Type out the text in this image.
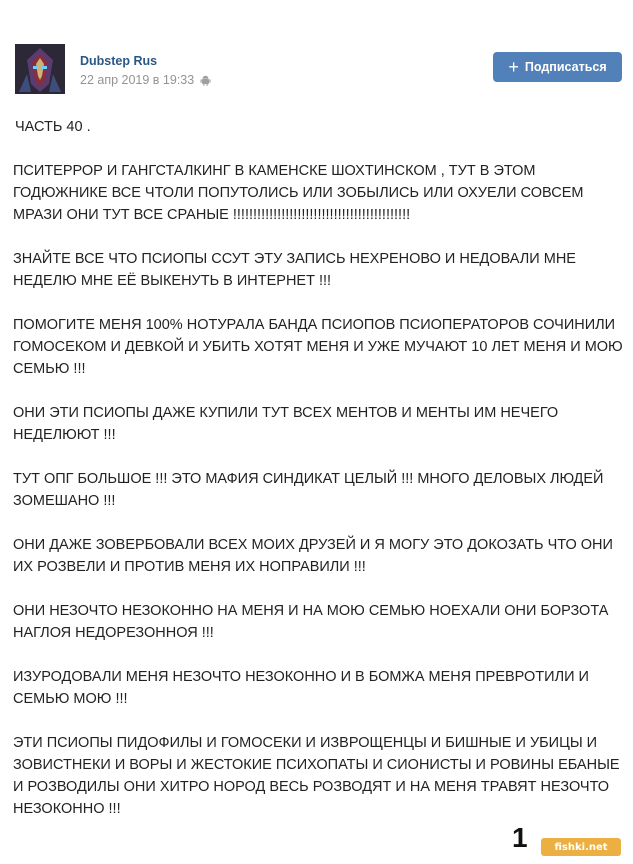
Dubstep Rus
22 апр 2019 в 19:33
+ Подписаться
ЧАСТЬ 40 .
ПСИТЕРРОР И ГАНГСТАЛКИНГ В КАМЕНСКЕ ШОХТИНСКОМ , ТУТ В ЭТОМ
ГОДЮЖНИКЕ ВСЕ ЧТОЛИ ПОПУТОЛИСЬ ИЛИ ЗОБЫЛИСЬ ИЛИ ОХУЕЛИ СОВСЕМ
МРАЗИ ОНИ ТУТ ВСЕ СРАНЫЕ !!!!!!!!!!!!!!!!!!!!!!!!!!!!!!!!!!!!!!!!!!!!
ЗНАЙТЕ ВСЕ ЧТО ПСИОПЫ ССУТ ЭТУ ЗАПИСЬ НЕХРЕНОВО И НЕДОВАЛИ МНЕ
НЕДЕЛЮ МНЕ ЕЁ ВЫКЕНУТЬ В ИНТЕРНЕТ !!!
ПОМОГИТЕ МЕНЯ 100% НОТУРАЛА БАНДА ПСИОПОВ ПСИОПЕРАТОРОВ СОЧИНИЛИ
ГОМОСЕКОМ И ДЕВКОЙ И УБИТЬ ХОТЯТ МЕНЯ И УЖЕ МУЧАЮТ 10 ЛЕТ МЕНЯ И МОЮ
СЕМЬЮ !!!
ОНИ ЭТИ ПСИОПЫ ДАЖЕ КУПИЛИ ТУТ ВСЕХ МЕНТОВ И МЕНТЫ ИМ НЕЧЕГО
НЕДЕЛЮЮТ !!!
ТУТ ОПГ БОЛЬШОЕ !!! ЭТО МАФИЯ СИНДИКАТ ЦЕЛЫЙ !!! МНОГО ДЕЛОВЫХ ЛЮДЕЙ
ЗОМЕШАНО !!!
ОНИ ДАЖЕ ЗОВЕРБОВАЛИ ВСЕХ МОИХ ДРУЗЕЙ И Я МОГУ ЭТО ДОКОЗАТЬ ЧТО ОНИ
ИХ РОЗВЕЛИ И ПРОТИВ МЕНЯ ИХ НОПРАВИЛИ !!!
ОНИ НЕЗОЧТО НЕЗОКОННО НА МЕНЯ И НА МОЮ СЕМЬЮ НОЕХАЛИ ОНИ БОРЗОТА
НАГЛОЯ НЕДОРЕЗОННОЯ !!!
ИЗУРОДОВАЛИ МЕНЯ НЕЗОЧТО НЕЗОКОННО И В БОМЖА МЕНЯ ПРЕВРОТИЛИ И
СЕМЬЮ МОЮ !!!
ЭТИ ПСИОПЫ ПИДОФИЛЫ И ГОМОСЕКИ И ИЗВРОЩЕНЦЫ И БИШНЫЕ И УБИЦЫ И
ЗОВИСТНЕКИ И ВОРЫ И ЖЕСТОКИЕ ПСИХОПАТЫ И СИОНИСТЫ И РОВИНЫ ЕБАНЫЕ
И РОЗВОДИЛЫ ОНИ ХИТРО НОРОД ВЕСЬ РОЗВОДЯТ И НА МЕНЯ ТРАВЯТ НЕЗОЧТО
НЕЗОКОННО !!!
1	fishki.net
